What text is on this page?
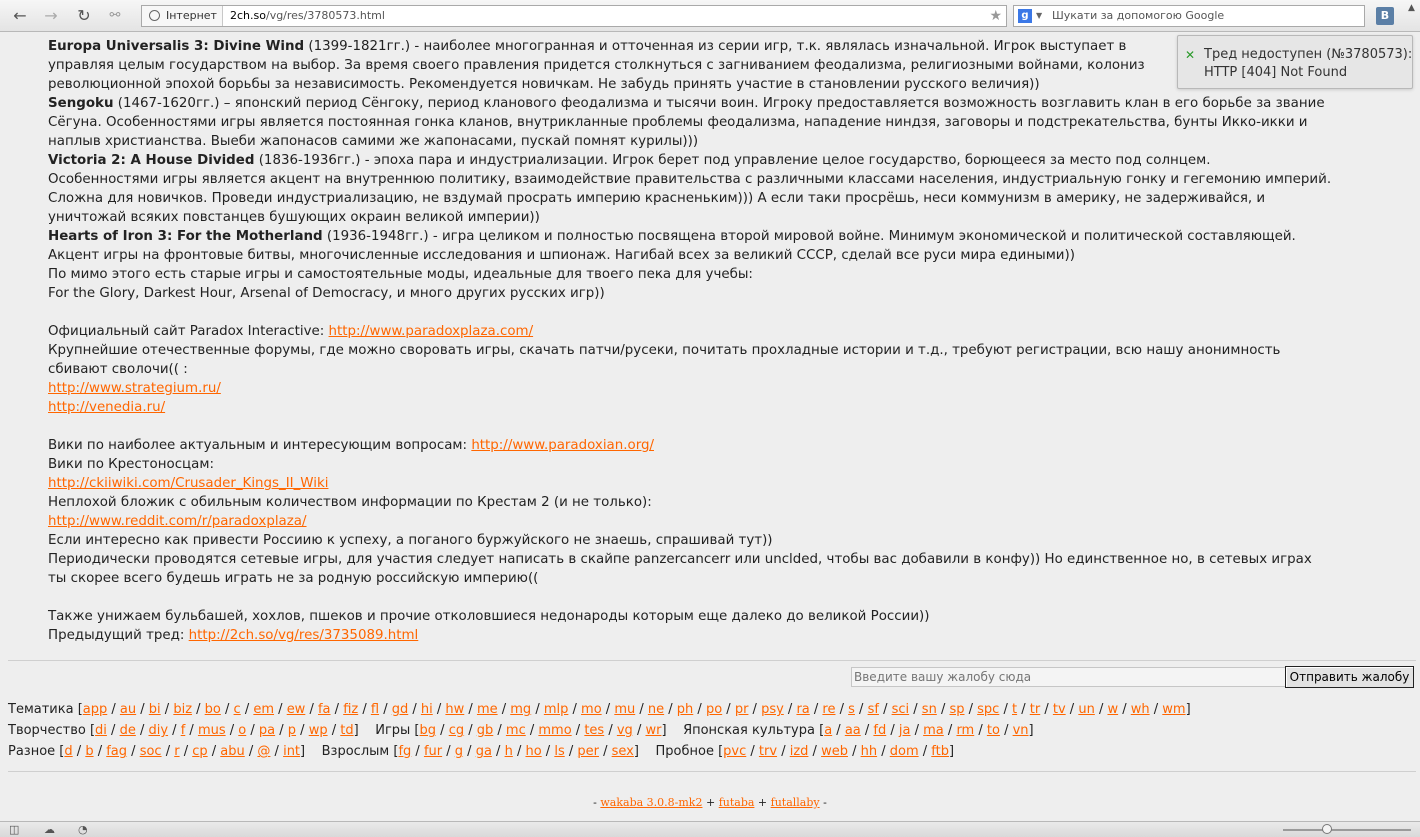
← → ↻	⚯	Інтернет 2ch.so/vg/res/3780573.html	★	g ▼ Шукати за допомогою Google	В
▲

Europa Universalis 3: Divine Wind (1399-1821гг.) - наиболее многогранная и отточенная из серии игр, т.к. являлась изначальной. Игрок выступает в

управляя целым государством на выбор. За время своего правления придется столкнуться с загниванием феодализма, религиозными войнами, колониз

революционной эпохой борьбы за независимость. Рекомендуется новичкам. Не забудь принять участие в становлении русского величия))

Sengoku (1467-1620гг.) – японский период Сёнгоку, период кланового феодализма и тысячи воин. Игроку предоставляется возможность возглавить клан в его борьбе за звание

Сёгуна. Особенностями игры является постоянная гонка кланов, внутрикланные проблемы феодализма, нападение ниндзя, заговоры и подстрекательства, бунты Икко-икки и

наплыв христианства. Выеби жапонасов самими же жапонасами, пускай помнят курилы)))

Victoria 2: A House Divided (1836-1936гг.) - эпоха пара и индустриализации. Игрок берет под управление целое государство, борющееся за место под солнцем.

Особенностями игры является акцент на внутреннюю политику, взаимодействие правительства с различными классами населения, индустриальную гонку и гегемонию империй.

Сложна для новичков. Проведи индустриализацию, не вздумай просрать империю красненьким))) А если таки просрёшь, неси коммунизм в америку, не задерживайся, и

уничтожай всяких повстанцев бушующих окраин великой империи))

Hearts of Iron 3: For the Motherland (1936-1948гг.) - игра целиком и полностью посвящена второй мировой войне. Минимум экономической и политической составляющей.

Акцент игры на фронтовые битвы, многочисленные исследования и шпионаж. Нагибай всех за великий СССР, сделай все руси мира едиными))

По мимо этого есть старые игры и самостоятельные моды, идеальные для твоего пека для учебы:

For the Glory, Darkest Hour, Arsenal of Democracy, и много других русских игр))

Официальный сайт Paradox Interactive: http://www.paradoxplaza.com/

Крупнейшие отечественные форумы, где можно своровать игры, скачать патчи/русеки, почитать прохладные истории и т.д., требуют регистрации, всю нашу анонимность

сбивают сволочи(( :

http://www.strategium.ru/

http://venedia.ru/

Вики по наиболее актуальным и интересующим вопросам: http://www.paradoxian.org/

Вики по Крестоносцам:

http://ckiiwiki.com/Crusader_Kings_II_Wiki

Неплохой бложик с обильным количеством информации по Крестам 2 (и не только):

http://www.reddit.com/r/paradoxplaza/

Если интересно как привести Россиию к успеху, а поганого буржуйского не знаешь, спрашивай тут))

Периодически проводятся сетевые игры, для участия следует написать в скайпе panzercancerr или uncldеd, чтобы вас добавили в конфу)) Но единственное но, в сетевых играх

ты скорее всего будешь играть не за родную российскую империю((

Также унижаем бульбашей, хохлов, пшеков и прочие отколовшиеся недонароды которым еще далеко до великой России))

Предыдущий тред: http://2ch.so/vg/res/3735089.html

✕ Тред недоступен (№3780573):
HTTP [404] Not Found
Введите вашу жалобу сюда
Отправить жалобу
Тематика [app / au / bi / biz / bo / c / em / ew / fa / fiz / fl / gd / hi / hw / me / mg / mlp / mo / mu / ne / ph / po / pr / psy / ra / re / s / sf / sci / sn / sp / spc / t / tr / tv / un / w / wh / wm]
Творчество [di / de / diy / f / mus / o / pa / p / wp / td] Игры [bg / cg / gb / mc / mmo / tes / vg / wr] Японская культура [a / aa / fd / ja / ma / rm / to / vn]
Разное [d / b / fag / soc / r / cp / abu / @ / int] Взрослым [fg / fur / g / ga / h / ho / ls / per / sex] Пробное [pvc / trv / izd / web / hh / dom / ftb]
- wakaba 3.0.8-mk2 + futaba + futallaby -
◫ ☁ ◔
